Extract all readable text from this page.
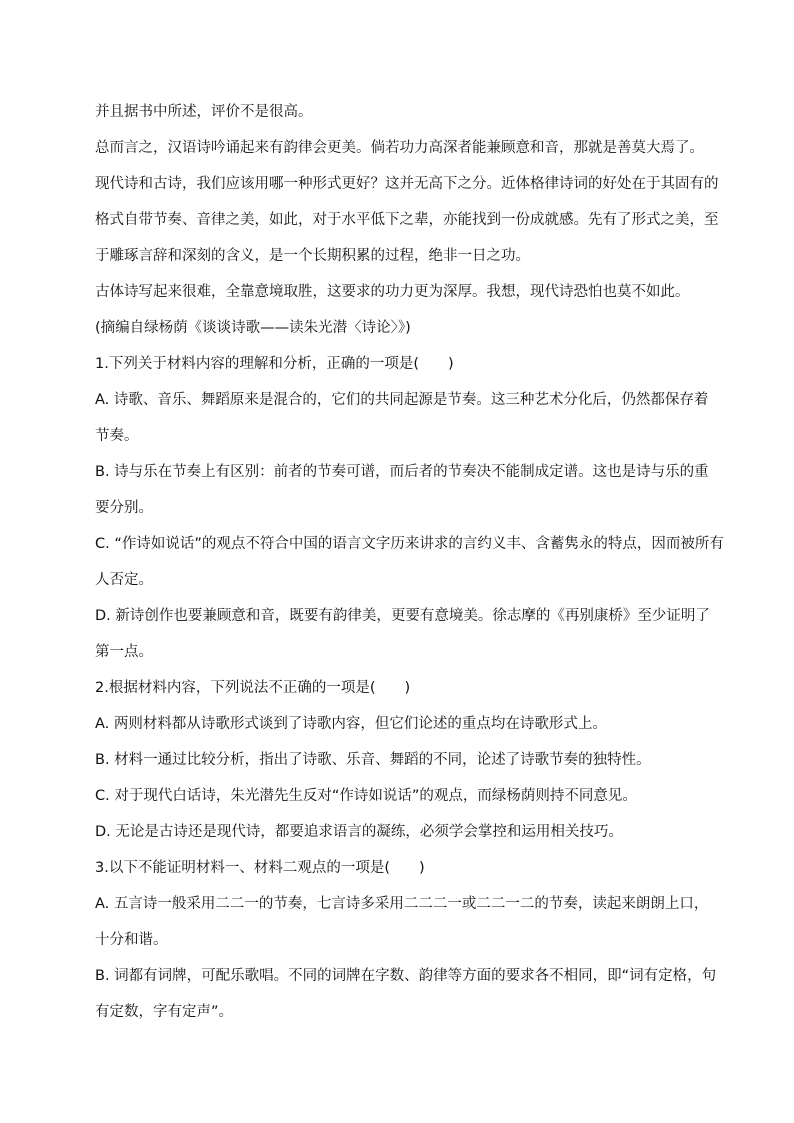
并且据书中所述，评价不是很高。
总而言之，汉语诗吟诵起来有韵律会更美。倘若功力高深者能兼顾意和音，那就是善莫大焉了。
现代诗和古诗，我们应该用哪一种形式更好？这并无高下之分。近体格律诗词的好处在于其固有的
格式自带节奏、音律之美，如此，对于水平低下之辈，亦能找到一份成就感。先有了形式之美，至
于雕琢言辞和深刻的含义，是一个长期积累的过程，绝非一日之功。
古体诗写起来很难，全靠意境取胜，这要求的功力更为深厚。我想，现代诗恐怕也莫不如此。
(摘编自绿杨荫《谈谈诗歌——读朱光潜〈诗论〉》)
1.下列关于材料内容的理解和分析，正确的一项是(　　)
A. 诗歌、音乐、舞蹈原来是混合的，它们的共同起源是节奏。这三种艺术分化后，仍然都保存着
节奏。
B. 诗与乐在节奏上有区别：前者的节奏可谱，而后者的节奏决不能制成定谱。这也是诗与乐的重
要分别。
C. “作诗如说话”的观点不符合中国的语言文字历来讲求的言约义丰、含蓄隽永的特点，因而被所有
人否定。
D. 新诗创作也要兼顾意和音，既要有韵律美，更要有意境美。徐志摩的《再别康桥》至少证明了
第一点。
2.根据材料内容，下列说法不正确的一项是(　　)
A. 两则材料都从诗歌形式谈到了诗歌内容，但它们论述的重点均在诗歌形式上。
B. 材料一通过比较分析，指出了诗歌、乐音、舞蹈的不同，论述了诗歌节奏的独特性。
C. 对于现代白话诗，朱光潜先生反对“作诗如说话”的观点，而绿杨荫则持不同意见。
D. 无论是古诗还是现代诗，都要追求语言的凝练，必须学会掌控和运用相关技巧。
3.以下不能证明材料一、材料二观点的一项是(　　)
A. 五言诗一般采用二二一的节奏，七言诗多采用二二二一或二二一二的节奏，读起来朗朗上口，
十分和谐。
B. 词都有词牌，可配乐歌唱。不同的词牌在字数、韵律等方面的要求各不相同，即“词有定格，句
有定数，字有定声”。
